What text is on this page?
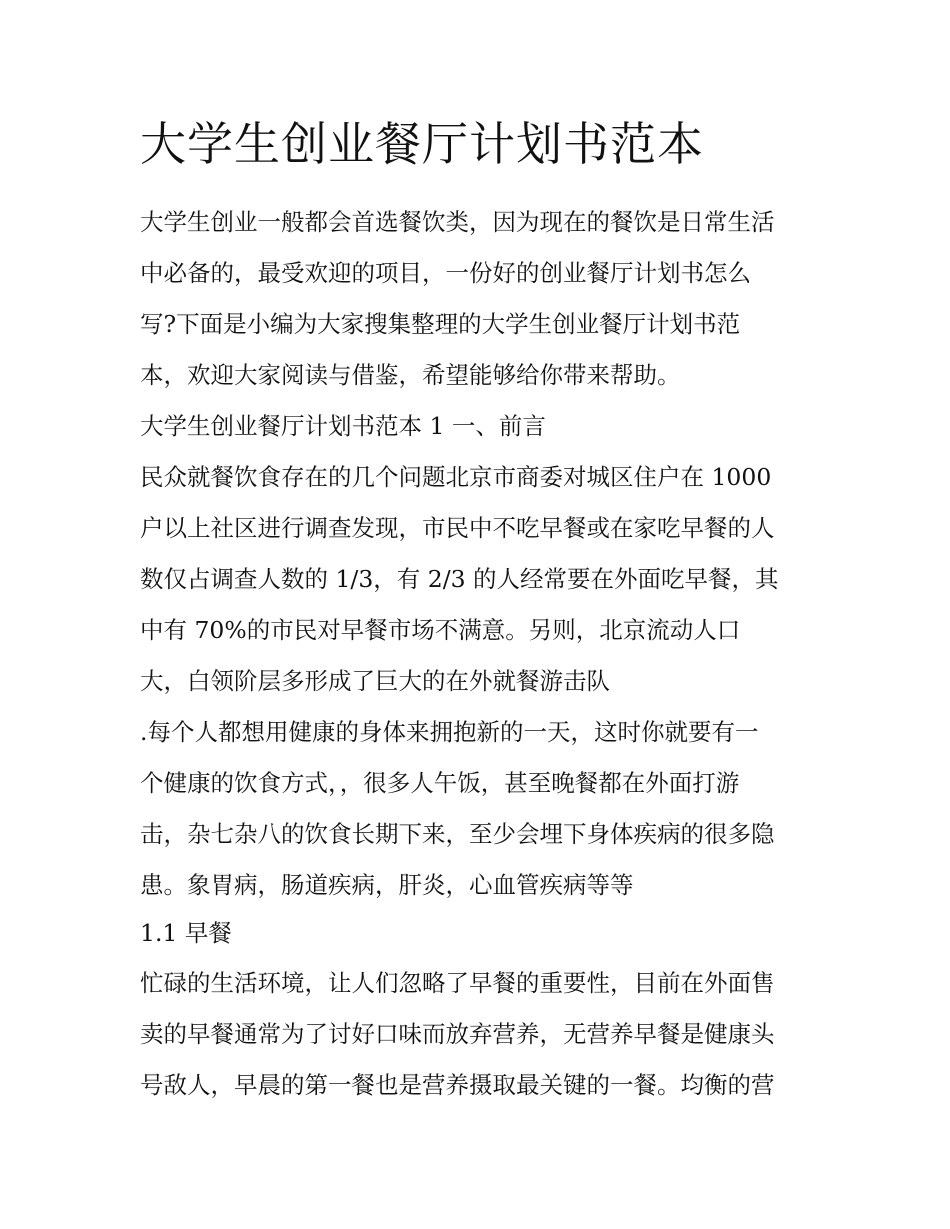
大学生创业餐厅计划书范本

大学生创业一般都会首选餐饮类，因为现在的餐饮是日常生活

中必备的，最受欢迎的项目，一份好的创业餐厅计划书怎么

写?下面是小编为大家搜集整理的大学生创业餐厅计划书范

本，欢迎大家阅读与借鉴，希望能够给你带来帮助。

大学生创业餐厅计划书范本 1 一、前言

民众就餐饮食存在的几个问题北京市商委对城区住户在 1000

户以上社区进行调查发现，市民中不吃早餐或在家吃早餐的人

数仅占调查人数的 1/3，有 2/3 的人经常要在外面吃早餐，其

中有 70%的市民对早餐市场不满意。另则，北京流动人口

大，白领阶层多形成了巨大的在外就餐游击队

.每个人都想用健康的身体来拥抱新的一天，这时你就要有一

个健康的饮食方式，，很多人午饭，甚至晚餐都在外面打游

击，杂七杂八的饮食长期下来，至少会埋下身体疾病的很多隐

患。象胃病，肠道疾病，肝炎，心血管疾病等等

1.1 早餐

忙碌的生活环境，让人们忽略了早餐的重要性，目前在外面售

卖的早餐通常为了讨好口味而放弃营养，无营养早餐是健康头

号敌人，早晨的第一餐也是营养摄取最关键的一餐。均衡的营
